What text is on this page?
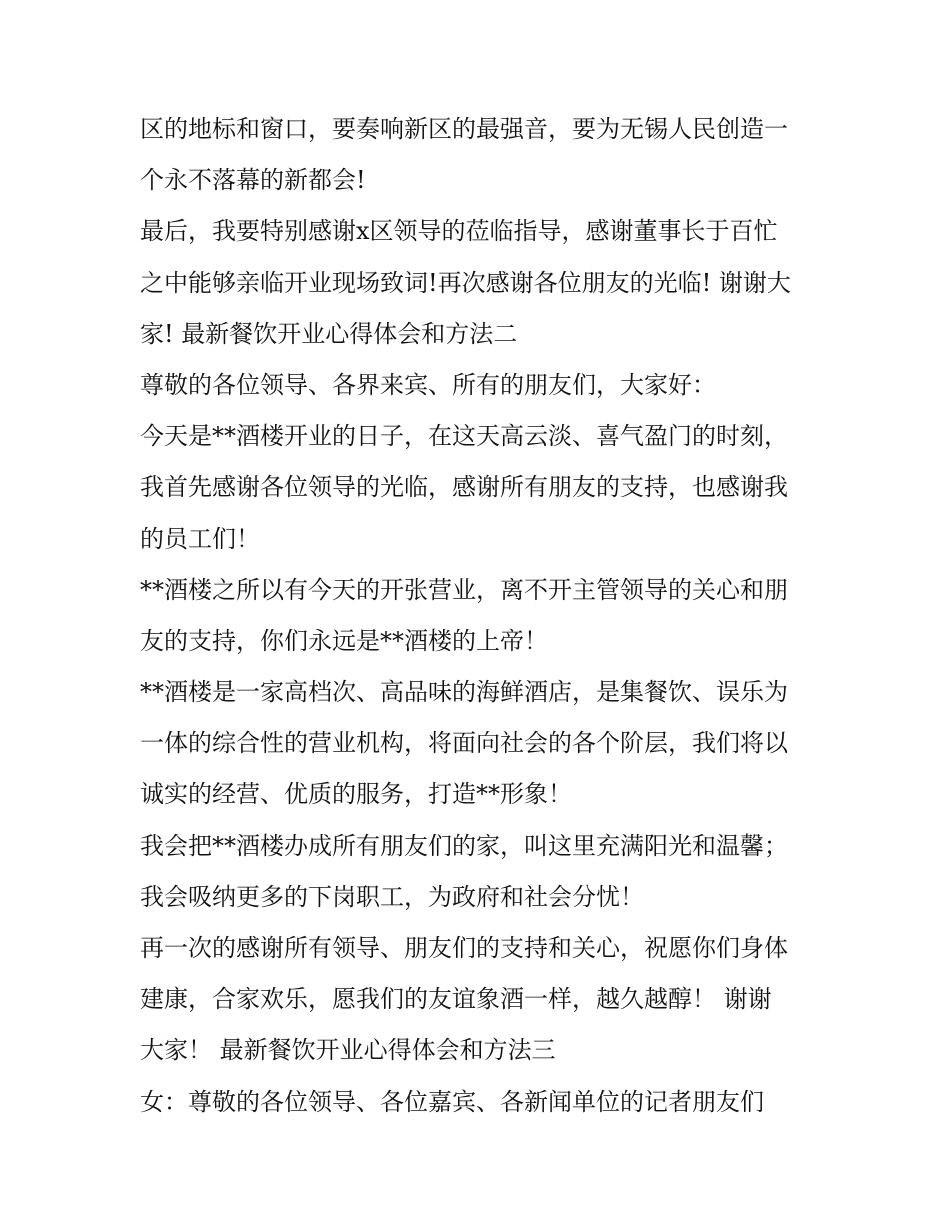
区的地标和窗口，要奏响新区的最强音，要为无锡人民创造一
个永不落幕的新都会!
最后，我要特别感谢x区领导的莅临指导，感谢董事长于百忙
之中能够亲临开业现场致词!再次感谢各位朋友的光临! 谢谢大
家! 最新餐饮开业心得体会和方法二
尊敬的各位领导、各界来宾、所有的朋友们，大家好：
今天是**酒楼开业的日子，在这天高云淡、喜气盈门的时刻，
我首先感谢各位领导的光临，感谢所有朋友的支持，也感谢我
的员工们！
**酒楼之所以有今天的开张营业，离不开主管领导的关心和朋
友的支持，你们永远是**酒楼的上帝！
**酒楼是一家高档次、高品味的海鲜酒店，是集餐饮、误乐为
一体的综合性的营业机构，将面向社会的各个阶层，我们将以
诚实的经营、优质的服务，打造**形象！
我会把**酒楼办成所有朋友们的家，叫这里充满阳光和温馨；
我会吸纳更多的下岗职工，为政府和社会分忧！
再一次的感谢所有领导、朋友们的支持和关心，祝愿你们身体
建康，合家欢乐，愿我们的友谊象酒一样，越久越醇！ 谢谢
大家！ 最新餐饮开业心得体会和方法三
女：尊敬的各位领导、各位嘉宾、各新闻单位的记者朋友们
